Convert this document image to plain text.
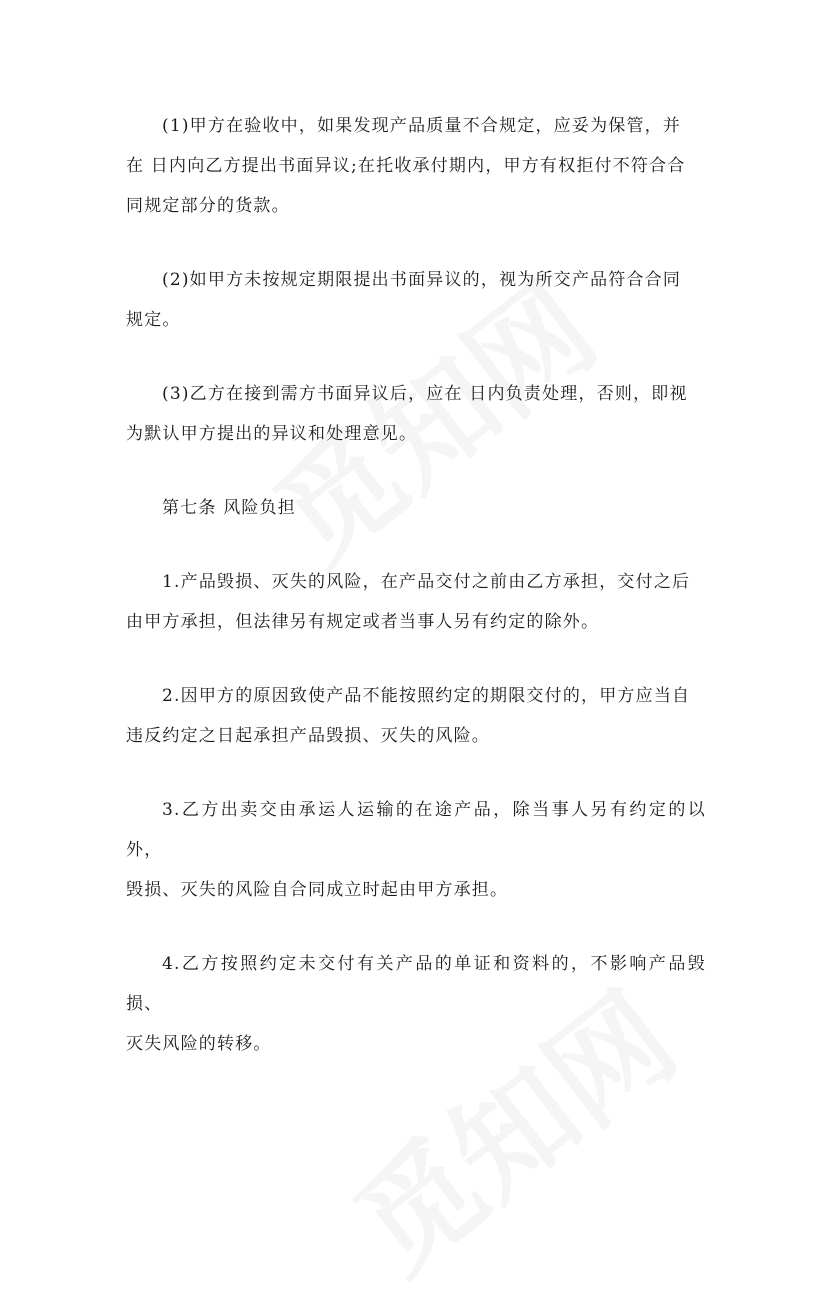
(1)甲方在验收中，如果发现产品质量不合规定，应妥为保管，并
在 日内向乙方提出书面异议;在托收承付期内，甲方有权拒付不符合合
同规定部分的货款。

(2)如甲方未按规定期限提出书面异议的，视为所交产品符合合同
规定。

(3)乙方在接到需方书面异议后，应在 日内负责处理，否则，即视
为默认甲方提出的异议和处理意见。

第七条 风险负担

1.产品毁损、灭失的风险，在产品交付之前由乙方承担，交付之后
由甲方承担，但法律另有规定或者当事人另有约定的除外。

2.因甲方的原因致使产品不能按照约定的期限交付的，甲方应当自
违反约定之日起承担产品毁损、灭失的风险。

3.乙方出卖交由承运人运输的在途产品，除当事人另有约定的以外，
毁损、灭失的风险自合同成立时起由甲方承担。

4.乙方按照约定未交付有关产品的单证和资料的，不影响产品毁损、
灭失风险的转移。
